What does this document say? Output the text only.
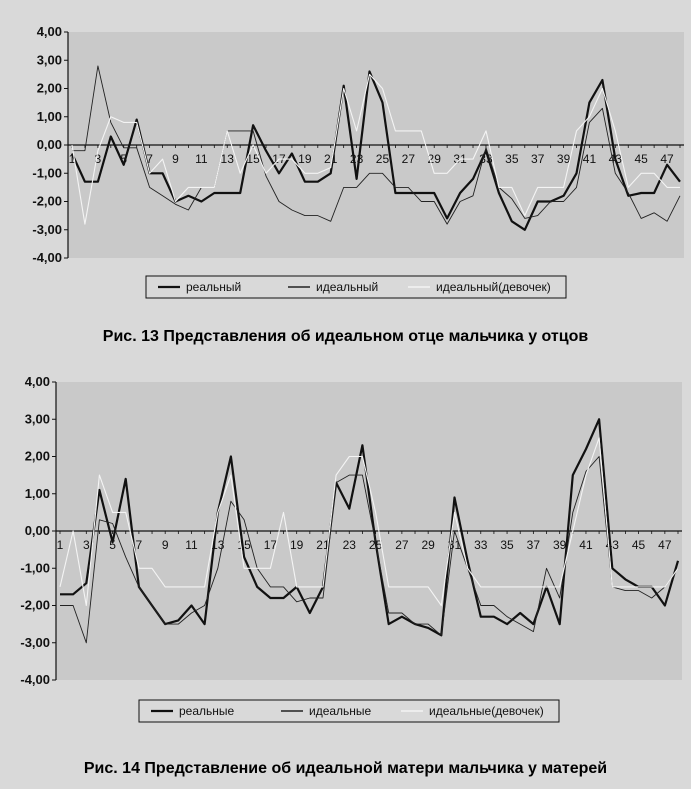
4,00
3,00
2,00
1,00
0,00
-1,00
-2,00
-3,00
-4,00
1 3 5 7 9 11 13 15 17 19 21 23 25 27 29 31 33 35 37 39 41 43 45 47
реальный	идеальный	идеальный(девочек)
Рис. 13 Представления об идеальном отце мальчика у отцов
4,00
3,00
2,00
1,00
0,00
-1,00
-2,00
-3,00
-4,00
1 3 5 7 9 11 13 15 17 19 21 23 25 27 29 31 33 35 37 39 41 43 45 47
реальные	идеальные	идеальные(девочек)
Рис. 14 Представление об идеальной матери мальчика у матерей
